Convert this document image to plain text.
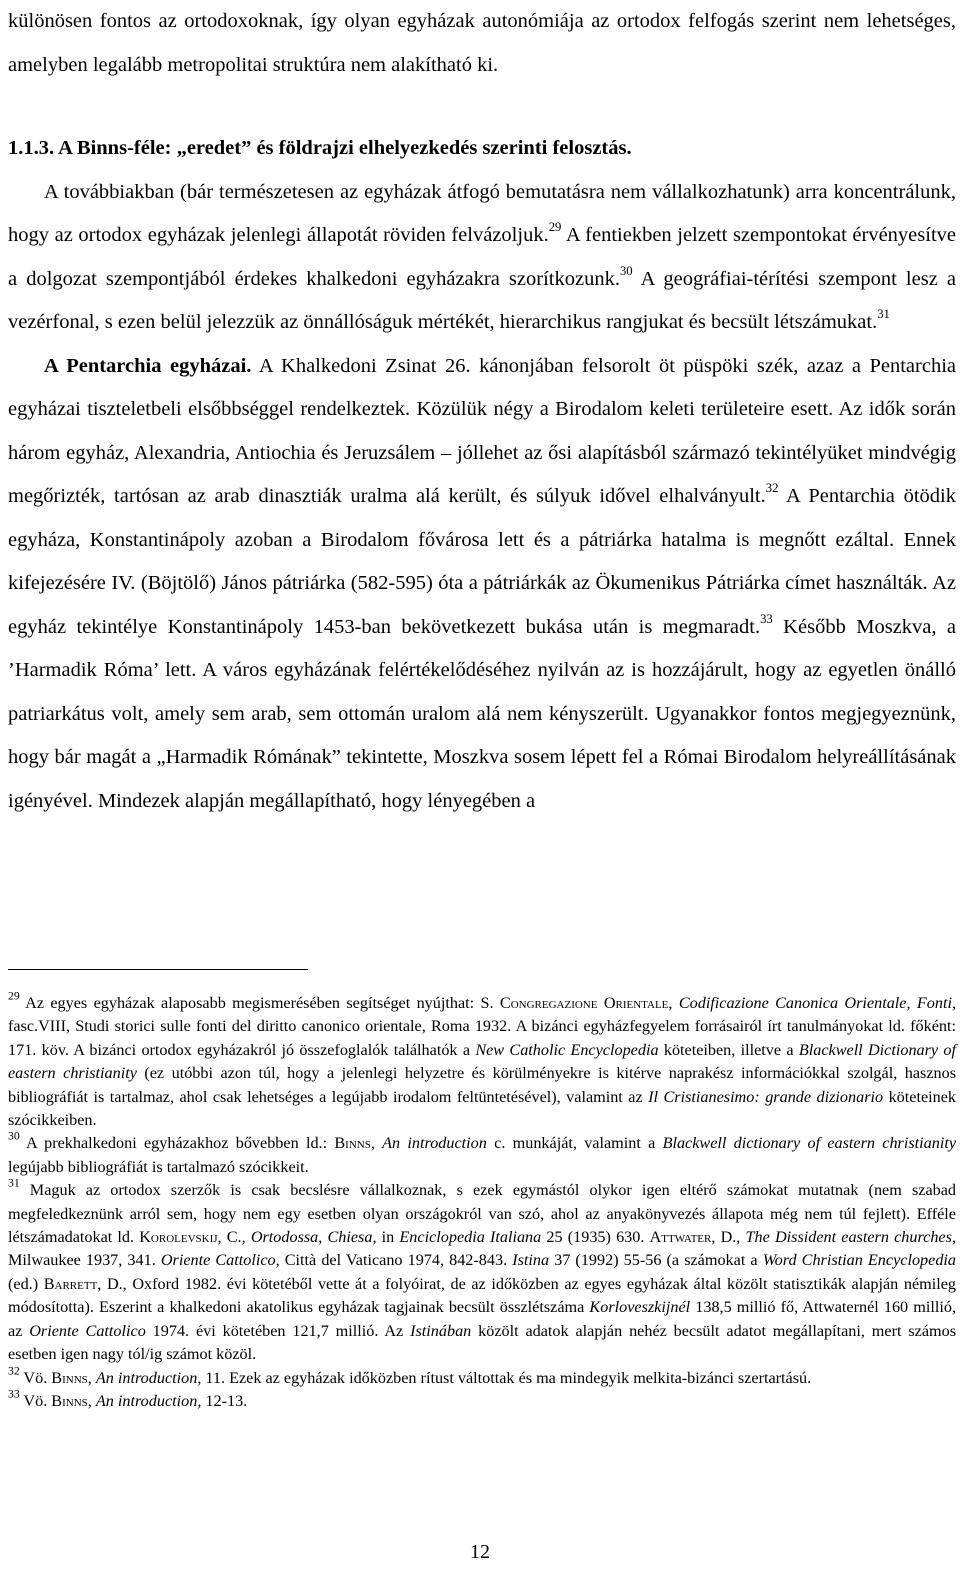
különösen fontos az ortodoxoknak, így olyan egyházak autonómiája az ortodox felfogás szerint nem lehetséges, amelyben legalább metropolitai struktúra nem alakítható ki.

1.1.3. A Binns-féle: „eredet” és földrajzi elhelyezkedés szerinti felosztás.

A továbbiakban (bár természetesen az egyházak átfogó bemutatásra nem vállalkozhatunk) arra koncentrálunk, hogy az ortodox egyházak jelenlegi állapotát röviden felvázoljuk.$^{29}$ A fentiekben jelzett szempontokat érvényesítve a dolgozat szempontjából érdekes khalkedoni egyházakra szorítkozunk.$^{30}$ A geográfiai-térítési szempont lesz a vezérfonal, s ezen belül jelezzük az önnállóságuk mértékét, hierarchikus rangjukat és becsült létszámukat.$^{31}$

A Pentarchia egyházai. A Khalkedoni Zsinat 26. kánonjában felsorolt öt püspöki szék, azaz a Pentarchia egyházai tiszteletbeli elsőbbséggel rendelkeztek. Közülük négy a Birodalom keleti területeire esett. Az idők során három egyház, Alexandria, Antiochia és Jeruzsálem – jóllehet az ősi alapításból származó tekintélyüket mindvégig megőrizték, tartósan az arab dinasztiák uralma alá került, és súlyuk idővel elhalványult.$^{32}$ A Pentarchia ötödik egyháza, Konstantinápoly azoban a Birodalom fővárosa lett és a pátriárka hatalma is megnőtt ezáltal. Ennek kifejezésére IV. (Böjtölő) János pátriárka (582-595) óta a pátriárkák az Ökumenikus Pátriárka címet használták. Az egyház tekintélye Konstantinápoly 1453-ban bekövetkezett bukása után is megmaradt.$^{33}$ Később Moszkva, a ’Harmadik Róma’ lett. A város egyházának felértékelődéséhez nyilván az is hozzájárult, hogy az egyetlen önálló patriarkátus volt, amely sem arab, sem ottomán uralom alá nem kényszerült. Ugyanakkor fontos megjegyeznünk, hogy bár magát a „Harmadik Rómának” tekintette, Moszkva sosem lépett fel a Római Birodalom helyreállításának igényével. Mindezek alapján megállapítható, hogy lényegében a

$^{29}$ Az egyes egyházak alaposabb megismerésében segítséget nyújthat: S. Congregazione Orientale, Codificazione Canonica Orientale, Fonti, fasc.VIII, Studi storici sulle fonti del diritto canonico orientale, Roma 1932. A bizánci egyházfegyelem forrásairól írt tanulmányokat ld. főként: 171. köv. A bizánci ortodox egyházakról jó összefoglalók találhatók a New Catholic Encyclopedia köteteiben, illetve a Blackwell Dictionary of eastern christianity (ez utóbbi azon túl, hogy a jelenlegi helyzetre és körülményekre is kitérve naprakész információkkal szolgál, hasznos bibliográfiát is tartalmaz, ahol csak lehetséges a legújabb irodalom feltüntetésével), valamint az Il Cristianesimo: grande dizionario köteteinek szócikkeiben.

$^{30}$ A prekhalkedoni egyházakhoz bővebben ld.: Binns, An introduction c. munkáját, valamint a Blackwell dictionary of eastern christianity legújabb bibliográfiát is tartalmazó szócikkeit.

$^{31}$ Maguk az ortodox szerzők is csak becslésre vállalkoznak, s ezek egymástól olykor igen eltérő számokat mutatnak (nem szabad megfeledkeznünk arról sem, hogy nem egy esetben olyan országokról van szó, ahol az anyakönyvezés állapota még nem túl fejlett). Efféle létszámadatokat ld. Korolevskij, C., Ortodossa, Chiesa, in Enciclopedia Italiana 25 (1935) 630. Attwater, D., The Dissident eastern churches, Milwaukee 1937, 341. Oriente Cattolico, Città del Vaticano 1974, 842-843. Istina 37 (1992) 55-56 (a számokat a Word Christian Encyclopedia (ed.) Barrett, D., Oxford 1982. évi kötetéből vette át a folyóirat, de az időközben az egyes egyházak által közölt statisztikák alapján némileg módosította). Eszerint a khalkedoni akatolikus egyházak tagjainak becsült összlétszáma Korloveszkijnél 138,5 millió fő, Attwaternél 160 millió, az Oriente Cattolico 1974. évi kötetében 121,7 millió. Az Istinában közölt adatok alapján nehéz becsült adatot megállapítani, mert számos esetben igen nagy tól/ig számot közöl.

$^{32}$ Vö. Binns, An introduction, 11. Ezek az egyházak időközben rítust váltottak és ma mindegyik melkita-bizánci szertartású.

$^{33}$ Vö. Binns, An introduction, 12-13.

12
